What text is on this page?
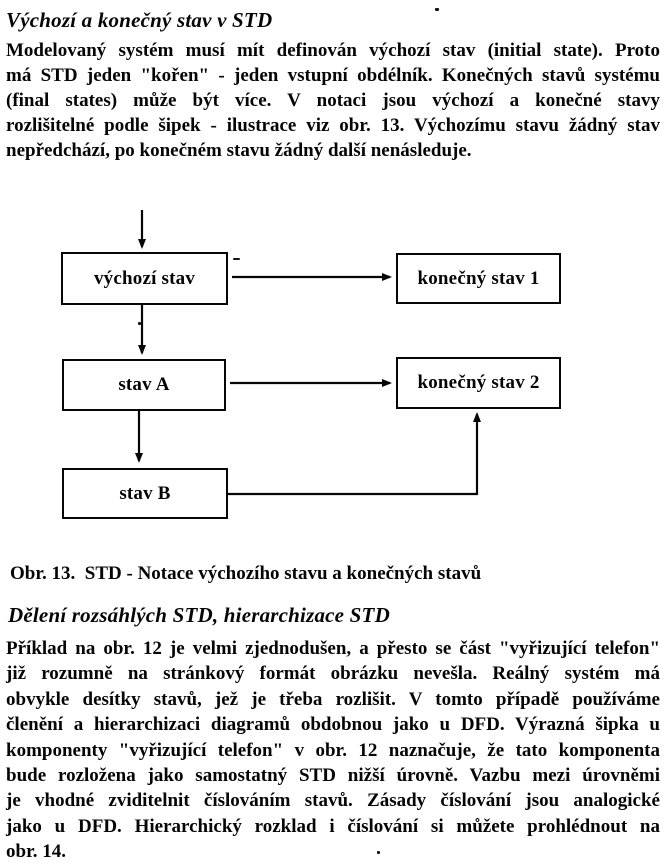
Výchozí a konečný stav v STD
Modelovaný systém musí mít definován výchozí stav (initial state). Proto
má STD jeden "kořen" - jeden vstupní obdélník. Konečných stavů systému
(final states) může být více. V notaci jsou výchozí a konečné stavy
rozlišitelné podle šipek - ilustrace viz obr. 13. Výchozímu stavu žádný stav
nepředchází, po konečném stavu žádný další nenásleduje.
výchozí stav	konečný stav 1
stav A	konečný stav 2
stav B
Obr. 13.  STD - Notace výchozího stavu a konečných stavů
Dělení rozsáhlých STD, hierarchizace STD
Příklad na obr. 12 je velmi zjednodušen, a přesto se část "vyřizující telefon"
již rozumně na stránkový formát obrázku nevešla. Reálný systém má
obvykle desítky stavů, jež je třeba rozlišit. V tomto případě používáme
členění a hierarchizaci diagramů obdobnou jako u DFD. Výrazná šipka u
komponenty "vyřizující telefon" v obr. 12 naznačuje, že tato komponenta
bude rozložena jako samostatný STD nižší úrovně. Vazbu mezi úrovněmi
je vhodné zviditelnit číslováním stavů. Zásady číslování jsou analogické
jako u DFD. Hierarchický rozklad i číslování si můžete prohlédnout na
obr. 14.
